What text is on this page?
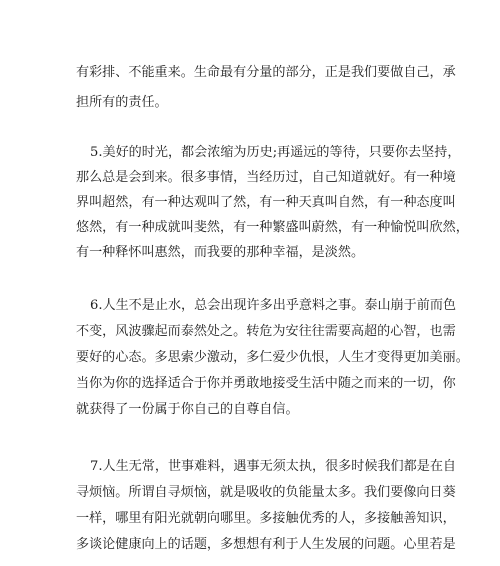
有彩排、不能重来。生命最有分量的部分，正是我们要做自己，承

担所有的责任。

5.美好的时光，都会浓缩为历史;再遥远的等待，只要你去坚持，

那么总是会到来。很多事情，当经历过，自己知道就好。有一种境

界叫超然，有一种达观叫了然，有一种天真叫自然，有一种态度叫

悠然，有一种成就叫斐然，有一种繁盛叫蔚然，有一种愉悦叫欣然，

有一种释怀叫惠然，而我要的那种幸福，是淡然。

6.人生不是止水，总会出现许多出乎意料之事。泰山崩于前而色

不变，风波骤起而泰然处之。转危为安往往需要高超的心智，也需

要好的心态。多思索少激动，多仁爱少仇恨，人生才变得更加美丽。

当你为你的选择适合于你并勇敢地接受生活中随之而来的一切，你

就获得了一份属于你自己的自尊自信。

7.人生无常，世事难料，遇事无须太执，很多时候我们都是在自

寻烦恼。所谓自寻烦恼，就是吸收的负能量太多。我们要像向日葵

一样，哪里有阳光就朝向哪里。多接触优秀的人，多接触善知识，

多谈论健康向上的话题，多想想有利于人生发展的问题。心里若是
